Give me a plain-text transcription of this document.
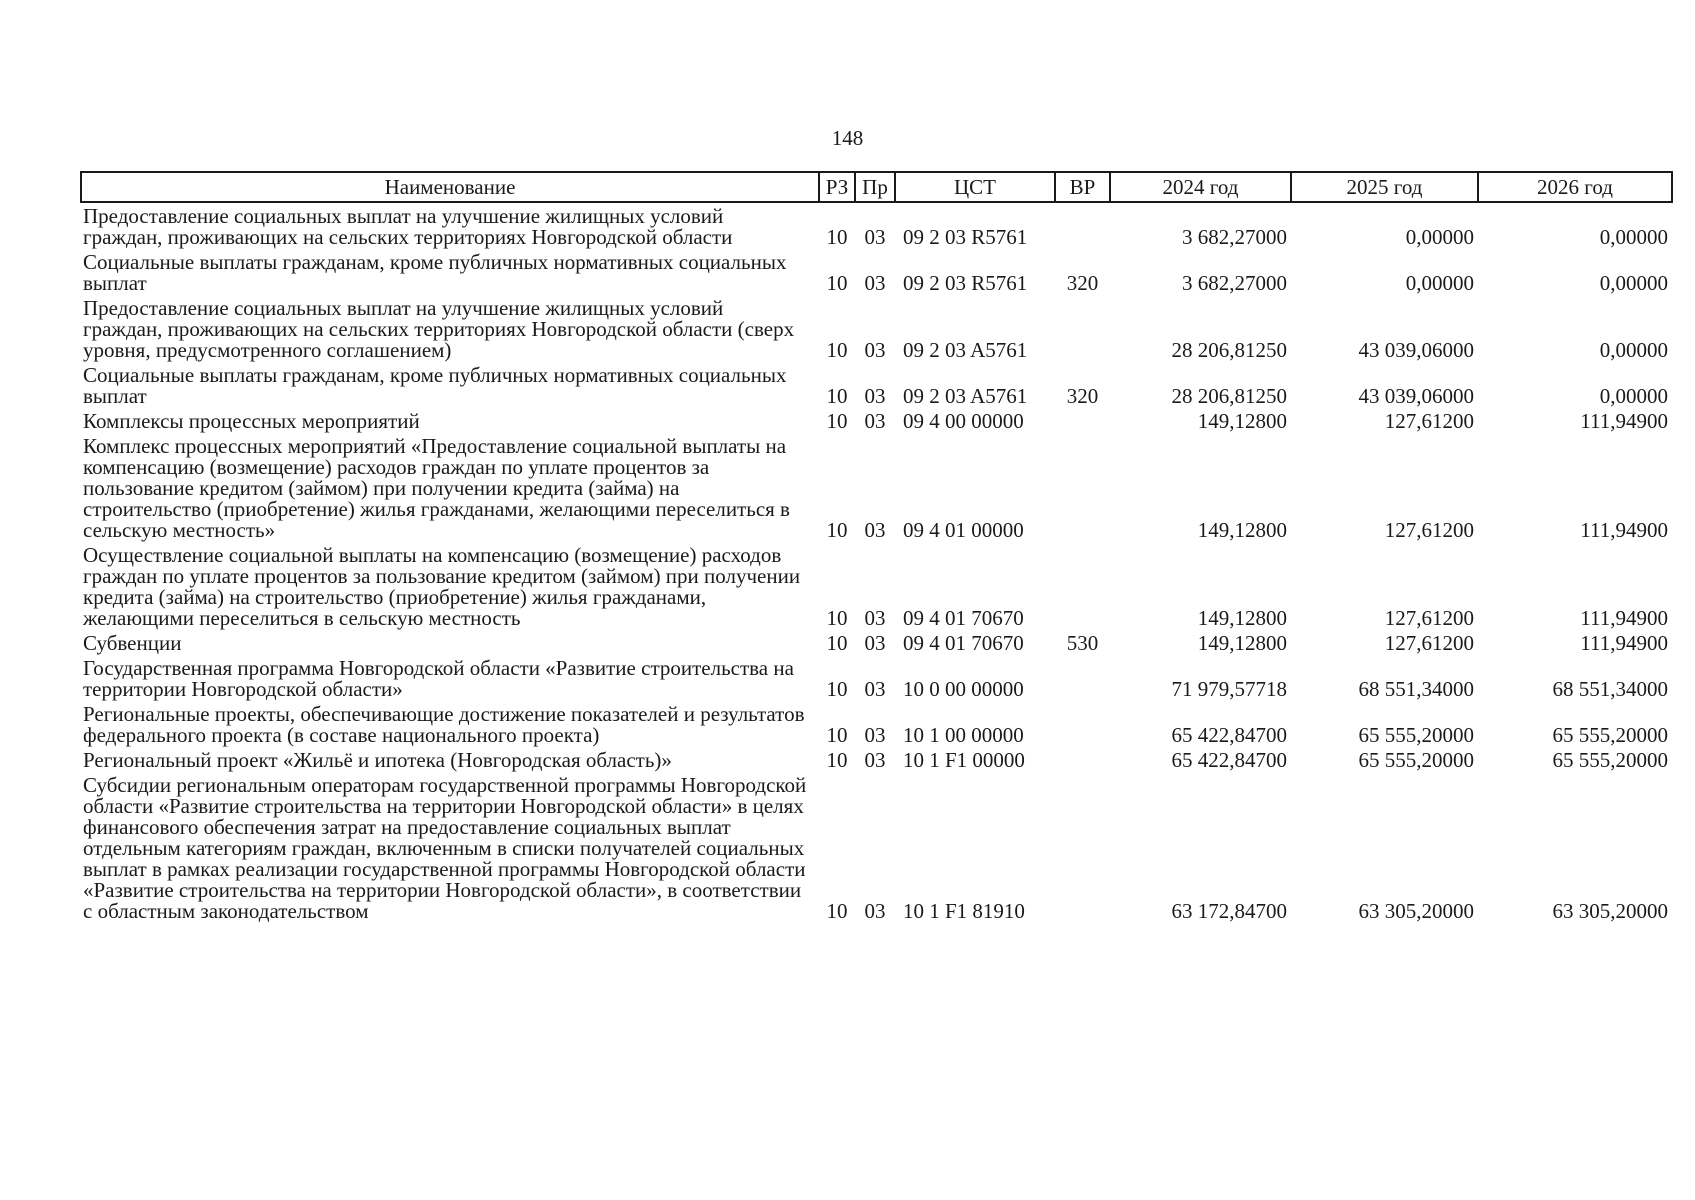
148
Наименование	РЗ	Пр	ЦСТ	ВР	2024 год	2025 год	2026 год
Предоставление социальных выплат на улучшение жилищных условий граждан, проживающих на сельских территориях Новгородской области	10	03	09 2 03 R5761		3 682,27000	0,00000	0,00000
Социальные выплаты гражданам, кроме публичных нормативных социальных выплат	10	03	09 2 03 R5761	320	3 682,27000	0,00000	0,00000
Предоставление социальных выплат на улучшение жилищных условий граждан, проживающих на сельских территориях Новгородской области (сверх уровня, предусмотренного соглашением)	10	03	09 2 03 A5761		28 206,81250	43 039,06000	0,00000
Социальные выплаты гражданам, кроме публичных нормативных социальных выплат	10	03	09 2 03 A5761	320	28 206,81250	43 039,06000	0,00000
Комплексы процессных мероприятий	10	03	09 4 00 00000		149,12800	127,61200	111,94900
Комплекс процессных мероприятий «Предоставление социальной выплаты на компенсацию (возмещение) расходов граждан по уплате процентов за пользование кредитом (займом) при получении кредита (займа) на строительство (приобретение) жилья гражданами, желающими переселиться в сельскую местность»	10	03	09 4 01 00000		149,12800	127,61200	111,94900
Осуществление социальной выплаты на компенсацию (возмещение) расходов граждан по уплате процентов за пользование кредитом (займом) при получении кредита (займа) на строительство (приобретение) жилья гражданами, желающими переселиться в сельскую местность	10	03	09 4 01 70670		149,12800	127,61200	111,94900
Субвенции	10	03	09 4 01 70670	530	149,12800	127,61200	111,94900
Государственная программа Новгородской области «Развитие строительства на территории Новгородской области»	10	03	10 0 00 00000		71 979,57718	68 551,34000	68 551,34000
Региональные проекты, обеспечивающие достижение показателей и результатов федерального проекта (в составе национального проекта)	10	03	10 1 00 00000		65 422,84700	65 555,20000	65 555,20000
Региональный проект «Жильё и ипотека (Новгородская область)»	10	03	10 1 F1 00000		65 422,84700	65 555,20000	65 555,20000
Субсидии региональным операторам государственной программы Новгородской области «Развитие строительства на территории Новгородской области» в целях финансового обеспечения затрат на предоставление социальных выплат отдельным категориям граждан, включенным в списки получателей социальных выплат в рамках реализации государственной программы Новгородской области «Развитие строительства на территории Новгородской области», в соответствии с областным законодательством	10	03	10 1 F1 81910		63 172,84700	63 305,20000	63 305,20000
